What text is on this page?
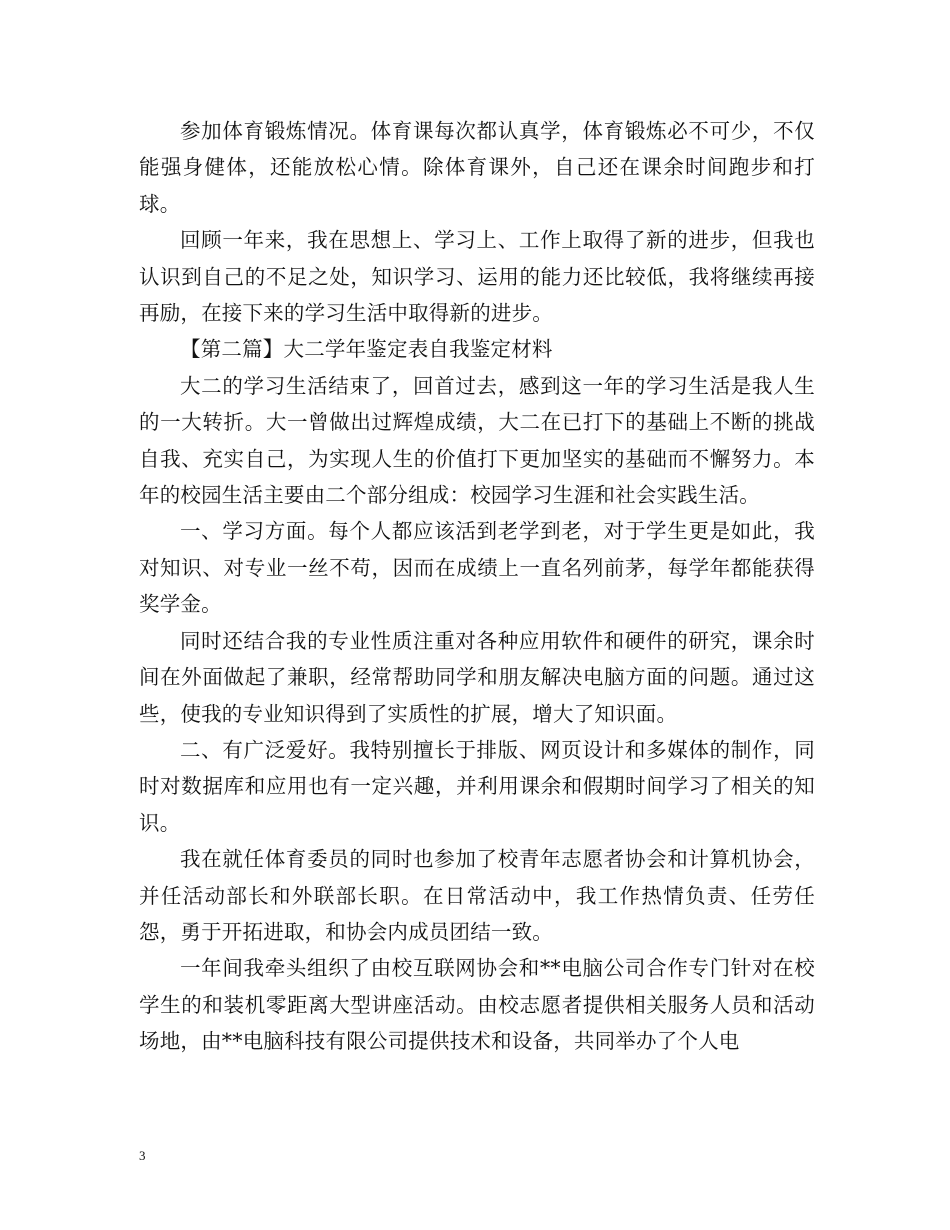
参加体育锻炼情况。体育课每次都认真学，体育锻炼必不可少，不仅能强身健体，还能放松心情。除体育课外，自己还在课余时间跑步和打球。

回顾一年来，我在思想上、学习上、工作上取得了新的进步，但我也认识到自己的不足之处，知识学习、运用的能力还比较低，我将继续再接再励，在接下来的学习生活中取得新的进步。

【第二篇】大二学年鉴定表自我鉴定材料

大二的学习生活结束了，回首过去，感到这一年的学习生活是我人生的一大转折。大一曾做出过辉煌成绩，大二在已打下的基础上不断的挑战自我、充实自己，为实现人生的价值打下更加坚实的基础而不懈努力。本年的校园生活主要由二个部分组成：校园学习生涯和社会实践生活。

一、学习方面。每个人都应该活到老学到老，对于学生更是如此，我对知识、对专业一丝不苟，因而在成绩上一直名列前茅，每学年都能获得奖学金。

同时还结合我的专业性质注重对各种应用软件和硬件的研究，课余时间在外面做起了兼职，经常帮助同学和朋友解决电脑方面的问题。通过这些，使我的专业知识得到了实质性的扩展，增大了知识面。

二、有广泛爱好。我特别擅长于排版、网页设计和多媒体的制作，同时对数据库和应用也有一定兴趣，并利用课余和假期时间学习了相关的知识。

我在就任体育委员的同时也参加了校青年志愿者协会和计算机协会，并任活动部长和外联部长职。在日常活动中，我工作热情负责、任劳任怨，勇于开拓进取，和协会内成员团结一致。

一年间我牵头组织了由校互联网协会和**电脑公司合作专门针对在校学生的和装机零距离大型讲座活动。由校志愿者提供相关服务人员和活动场地，由**电脑科技有限公司提供技术和设备，共同举办了个人电

3
